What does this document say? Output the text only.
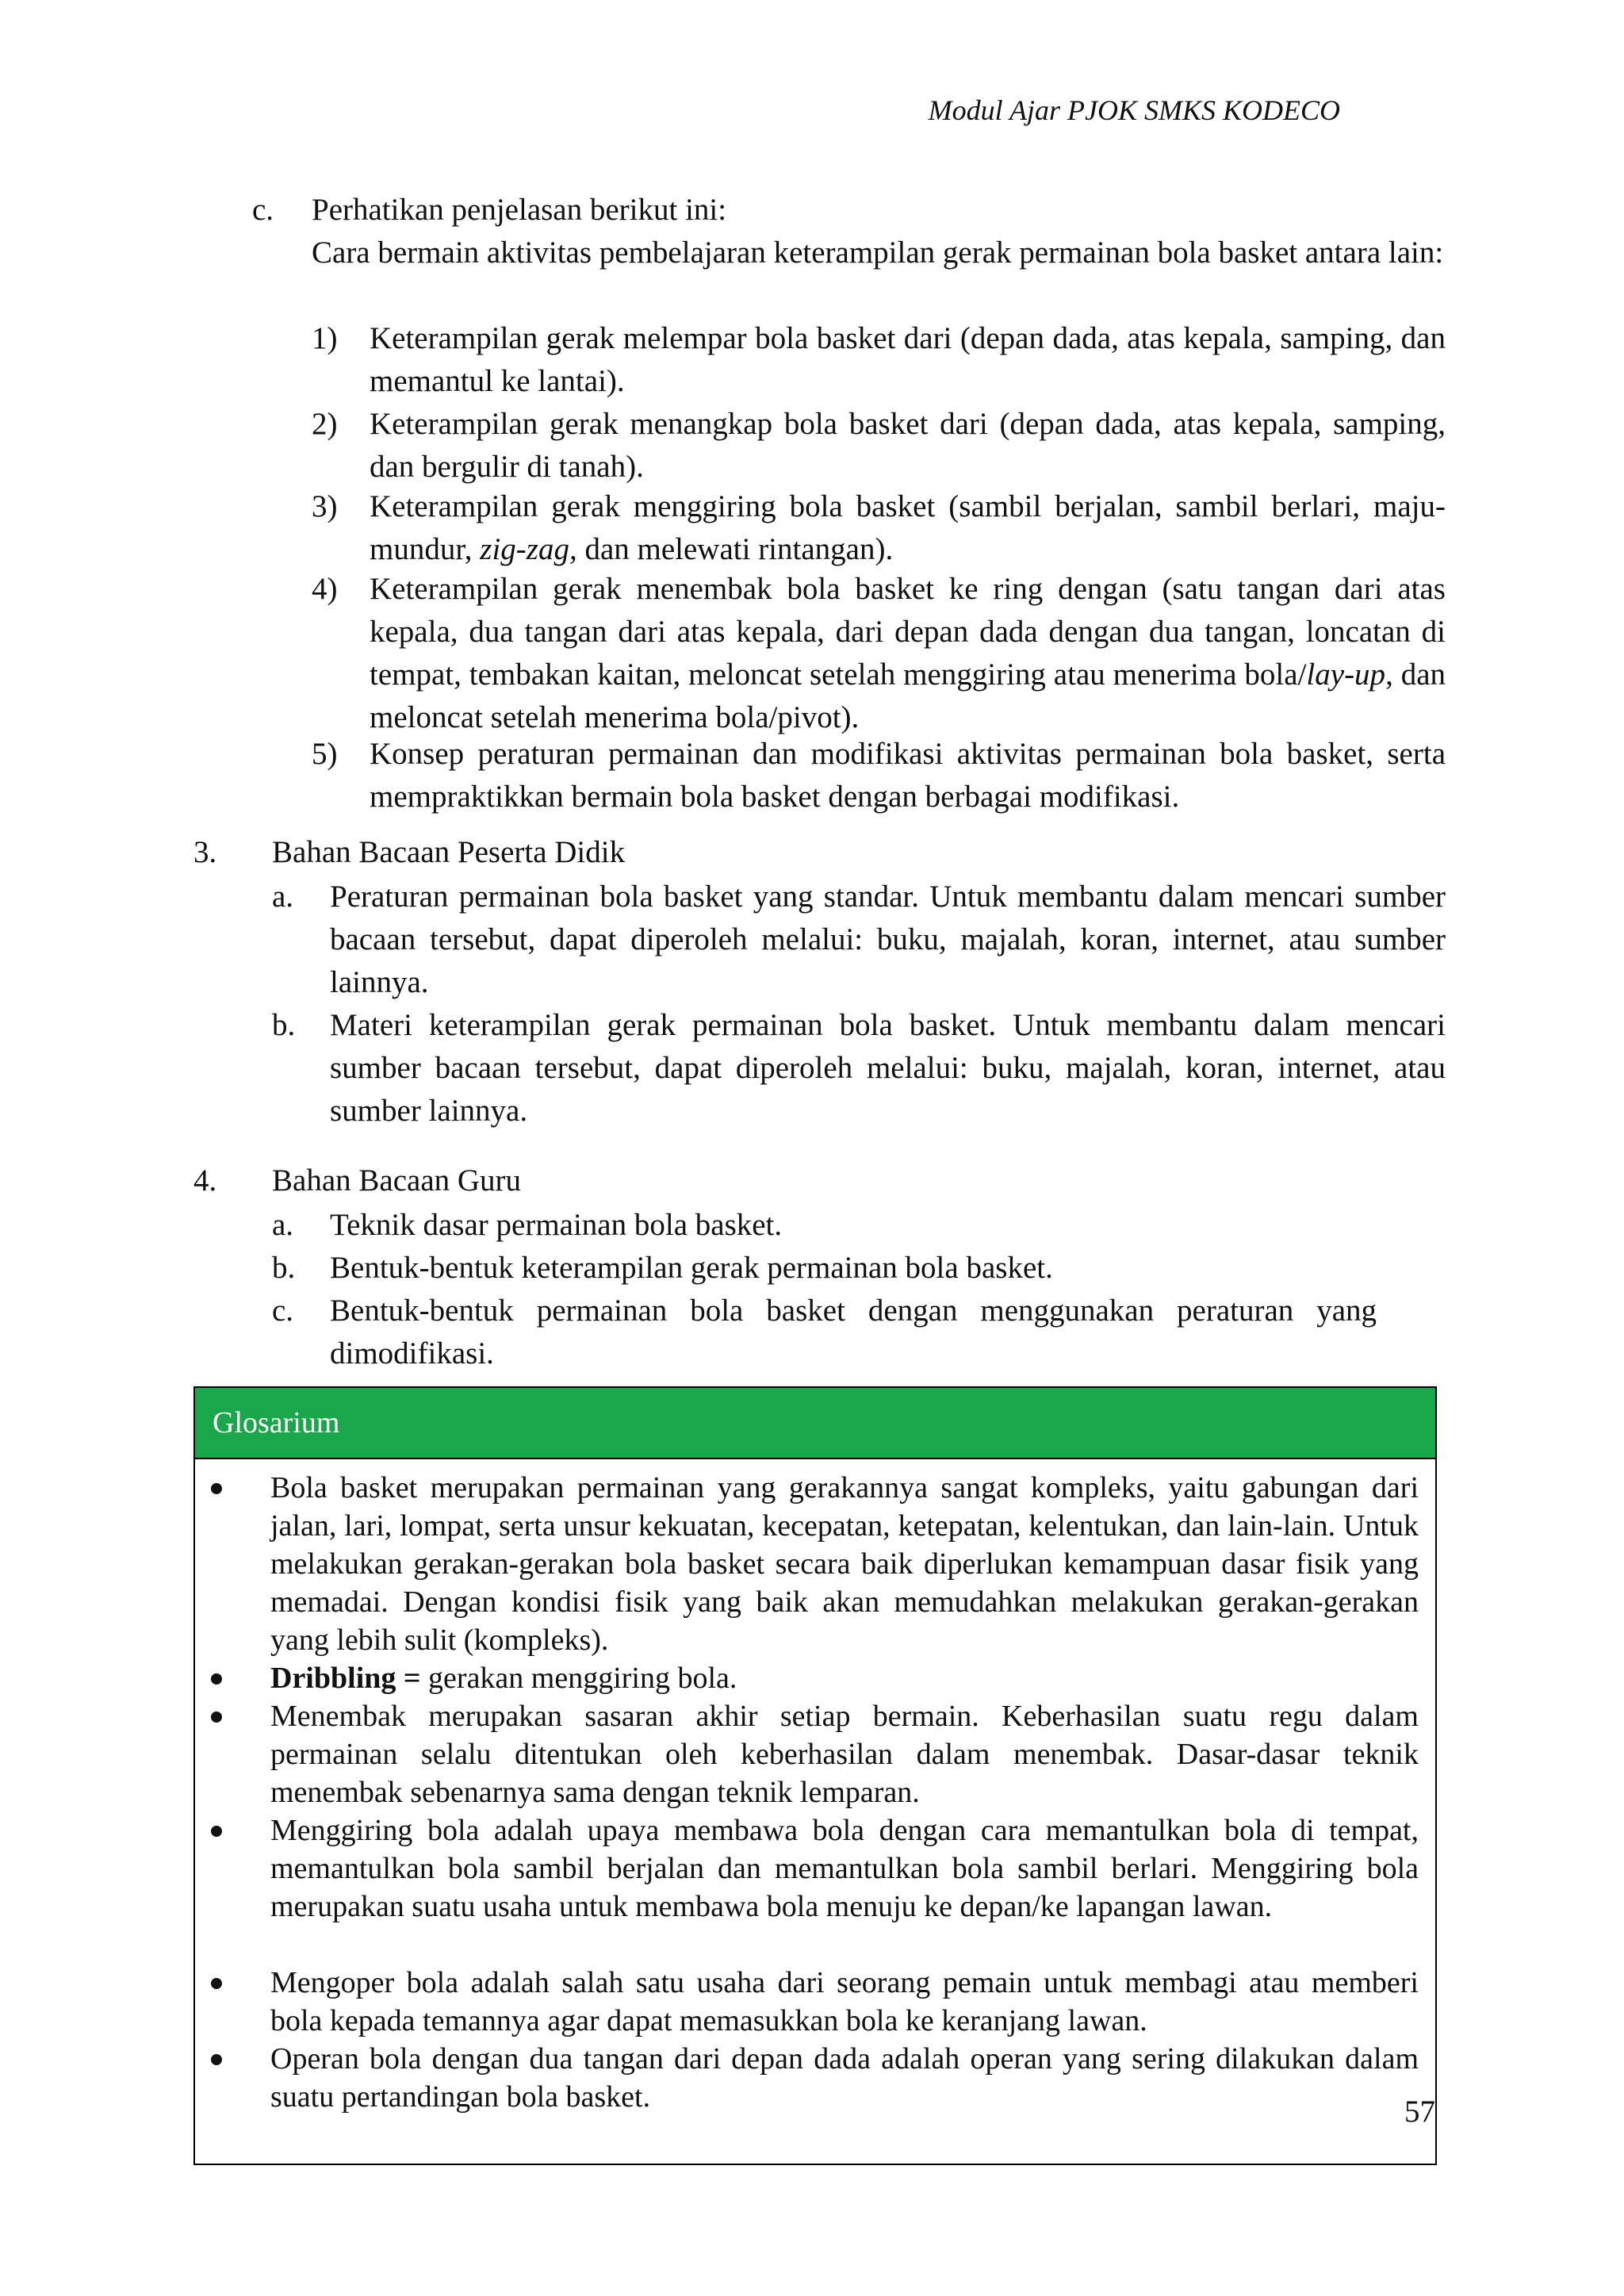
Modul Ajar PJOK SMKS KODECO
c. Perhatikan penjelasan berikut ini:
Cara bermain aktivitas pembelajaran keterampilan gerak permainan bola basket antara lain:
1) Keterampilan gerak melempar bola basket dari (depan dada, atas kepala, samping, dan memantul ke lantai).
2) Keterampilan gerak menangkap bola basket dari (depan dada, atas kepala, samping, dan bergulir di tanah).
3) Keterampilan gerak menggiring bola basket (sambil berjalan, sambil berlari, maju-mundur, zig-zag, dan melewati rintangan).
4) Keterampilan gerak menembak bola basket ke ring dengan (satu tangan dari atas kepala, dua tangan dari atas kepala, dari depan dada dengan dua tangan, loncatan di tempat, tembakan kaitan, meloncat setelah menggiring atau menerima bola/lay-up, dan meloncat setelah menerima bola/pivot).
5) Konsep peraturan permainan dan modifikasi aktivitas permainan bola basket, serta mempraktikkan bermain bola basket dengan berbagai modifikasi.
3. Bahan Bacaan Peserta Didik
a. Peraturan permainan bola basket yang standar. Untuk membantu dalam mencari sumber bacaan tersebut, dapat diperoleh melalui: buku, majalah, koran, internet, atau sumber lainnya.
b. Materi keterampilan gerak permainan bola basket. Untuk membantu dalam mencari sumber bacaan tersebut, dapat diperoleh melalui: buku, majalah, koran, internet, atau sumber lainnya.
4. Bahan Bacaan Guru
a. Teknik dasar permainan bola basket.
b. Bentuk-bentuk keterampilan gerak permainan bola basket.
c. Bentuk-bentuk permainan bola basket dengan menggunakan peraturan yang dimodifikasi.
Glosarium
Bola basket merupakan permainan yang gerakannya sangat kompleks, yaitu gabungan dari jalan, lari, lompat, serta unsur kekuatan, kecepatan, ketepatan, kelentukan, dan lain-lain. Untuk melakukan gerakan-gerakan bola basket secara baik diperlukan kemampuan dasar fisik yang memadai. Dengan kondisi fisik yang baik akan memudahkan melakukan gerakan-gerakan yang lebih sulit (kompleks).
Dribbling = gerakan menggiring bola.
Menembak merupakan sasaran akhir setiap bermain. Keberhasilan suatu regu dalam permainan selalu ditentukan oleh keberhasilan dalam menembak. Dasar-dasar teknik menembak sebenarnya sama dengan teknik lemparan.
Menggiring bola adalah upaya membawa bola dengan cara memantulkan bola di tempat, memantulkan bola sambil berjalan dan memantulkan bola sambil berlari. Menggiring bola merupakan suatu usaha untuk membawa bola menuju ke depan/ke lapangan lawan.
Mengoper bola adalah salah satu usaha dari seorang pemain untuk membagi atau memberi bola kepada temannya agar dapat memasukkan bola ke keranjang lawan.
Operan bola dengan dua tangan dari depan dada adalah operan yang sering dilakukan dalam suatu pertandingan bola basket.	57
